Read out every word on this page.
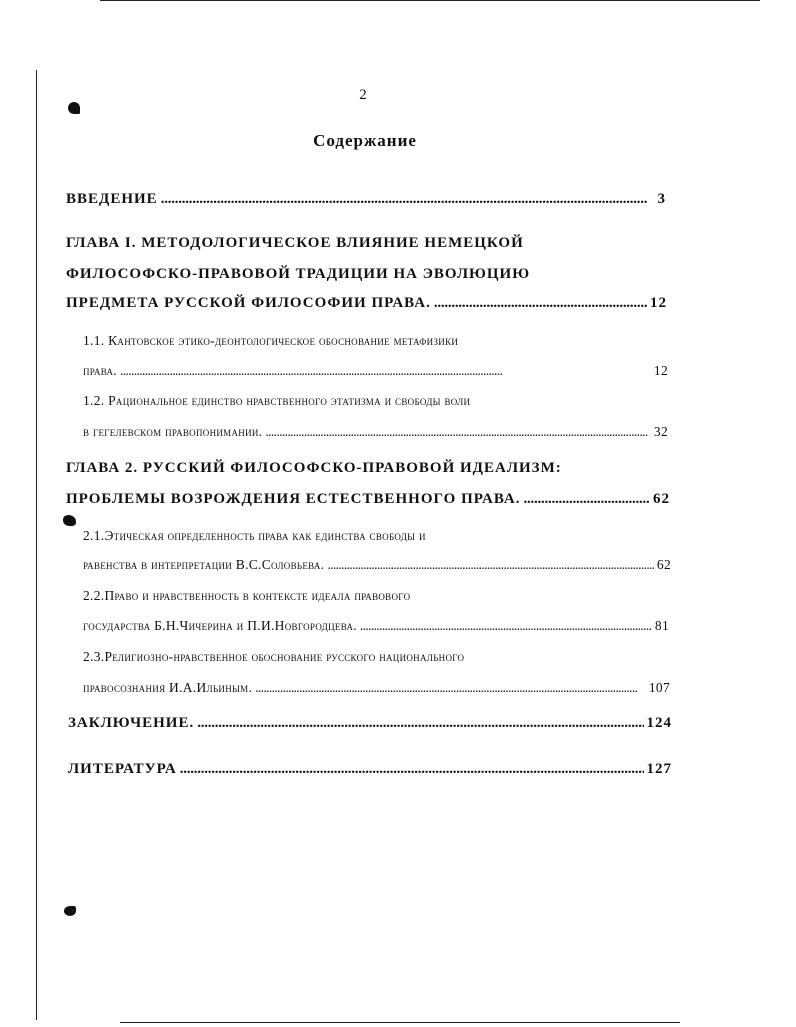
2
Содержание
ВВЕДЕНИЕ . . .	3
ГЛАВА I. МЕТОДОЛОГИЧЕСКОЕ ВЛИЯНИЕ НЕМЕЦКОЙ
ФИЛОСОФСКО-ПРАВОВОЙ ТРАДИЦИИ НА ЭВОЛЮЦИЮ
ПРЕДМЕТА РУССКОЙ ФИЛОСОФИИ ПРАВА. . . .	12
1.1. Кантовское этико-деонтологическое обоснование метафизики
права. . . .	12
1.2. Рациональное единство нравственного этатизма и свободы воли
в гегелевском правопонимании. . . .	32
ГЛАВА 2. РУССКИЙ ФИЛОСОФСКО-ПРАВОВОЙ ИДЕАЛИЗМ:
ПРОБЛЕМЫ ВОЗРОЖДЕНИЯ ЕСТЕСТВЕННОГО ПРАВА. . . .	62
2.1.Этическая определенность права как единства свободы и
равенства в интерпретации В.С.Соловьева. . . .	62
2.2.Право и нравственность в контексте идеала правового
государства Б.Н.Чичерина и П.И.Новгородцева. . . .	81
2.3.Религиозно-нравственное обоснование русского национального
правосознания И.А.Ильиным. . . .	107
ЗАКЛЮЧЕНИЕ. . . .	124
ЛИТЕРАТУРА . . .	127
